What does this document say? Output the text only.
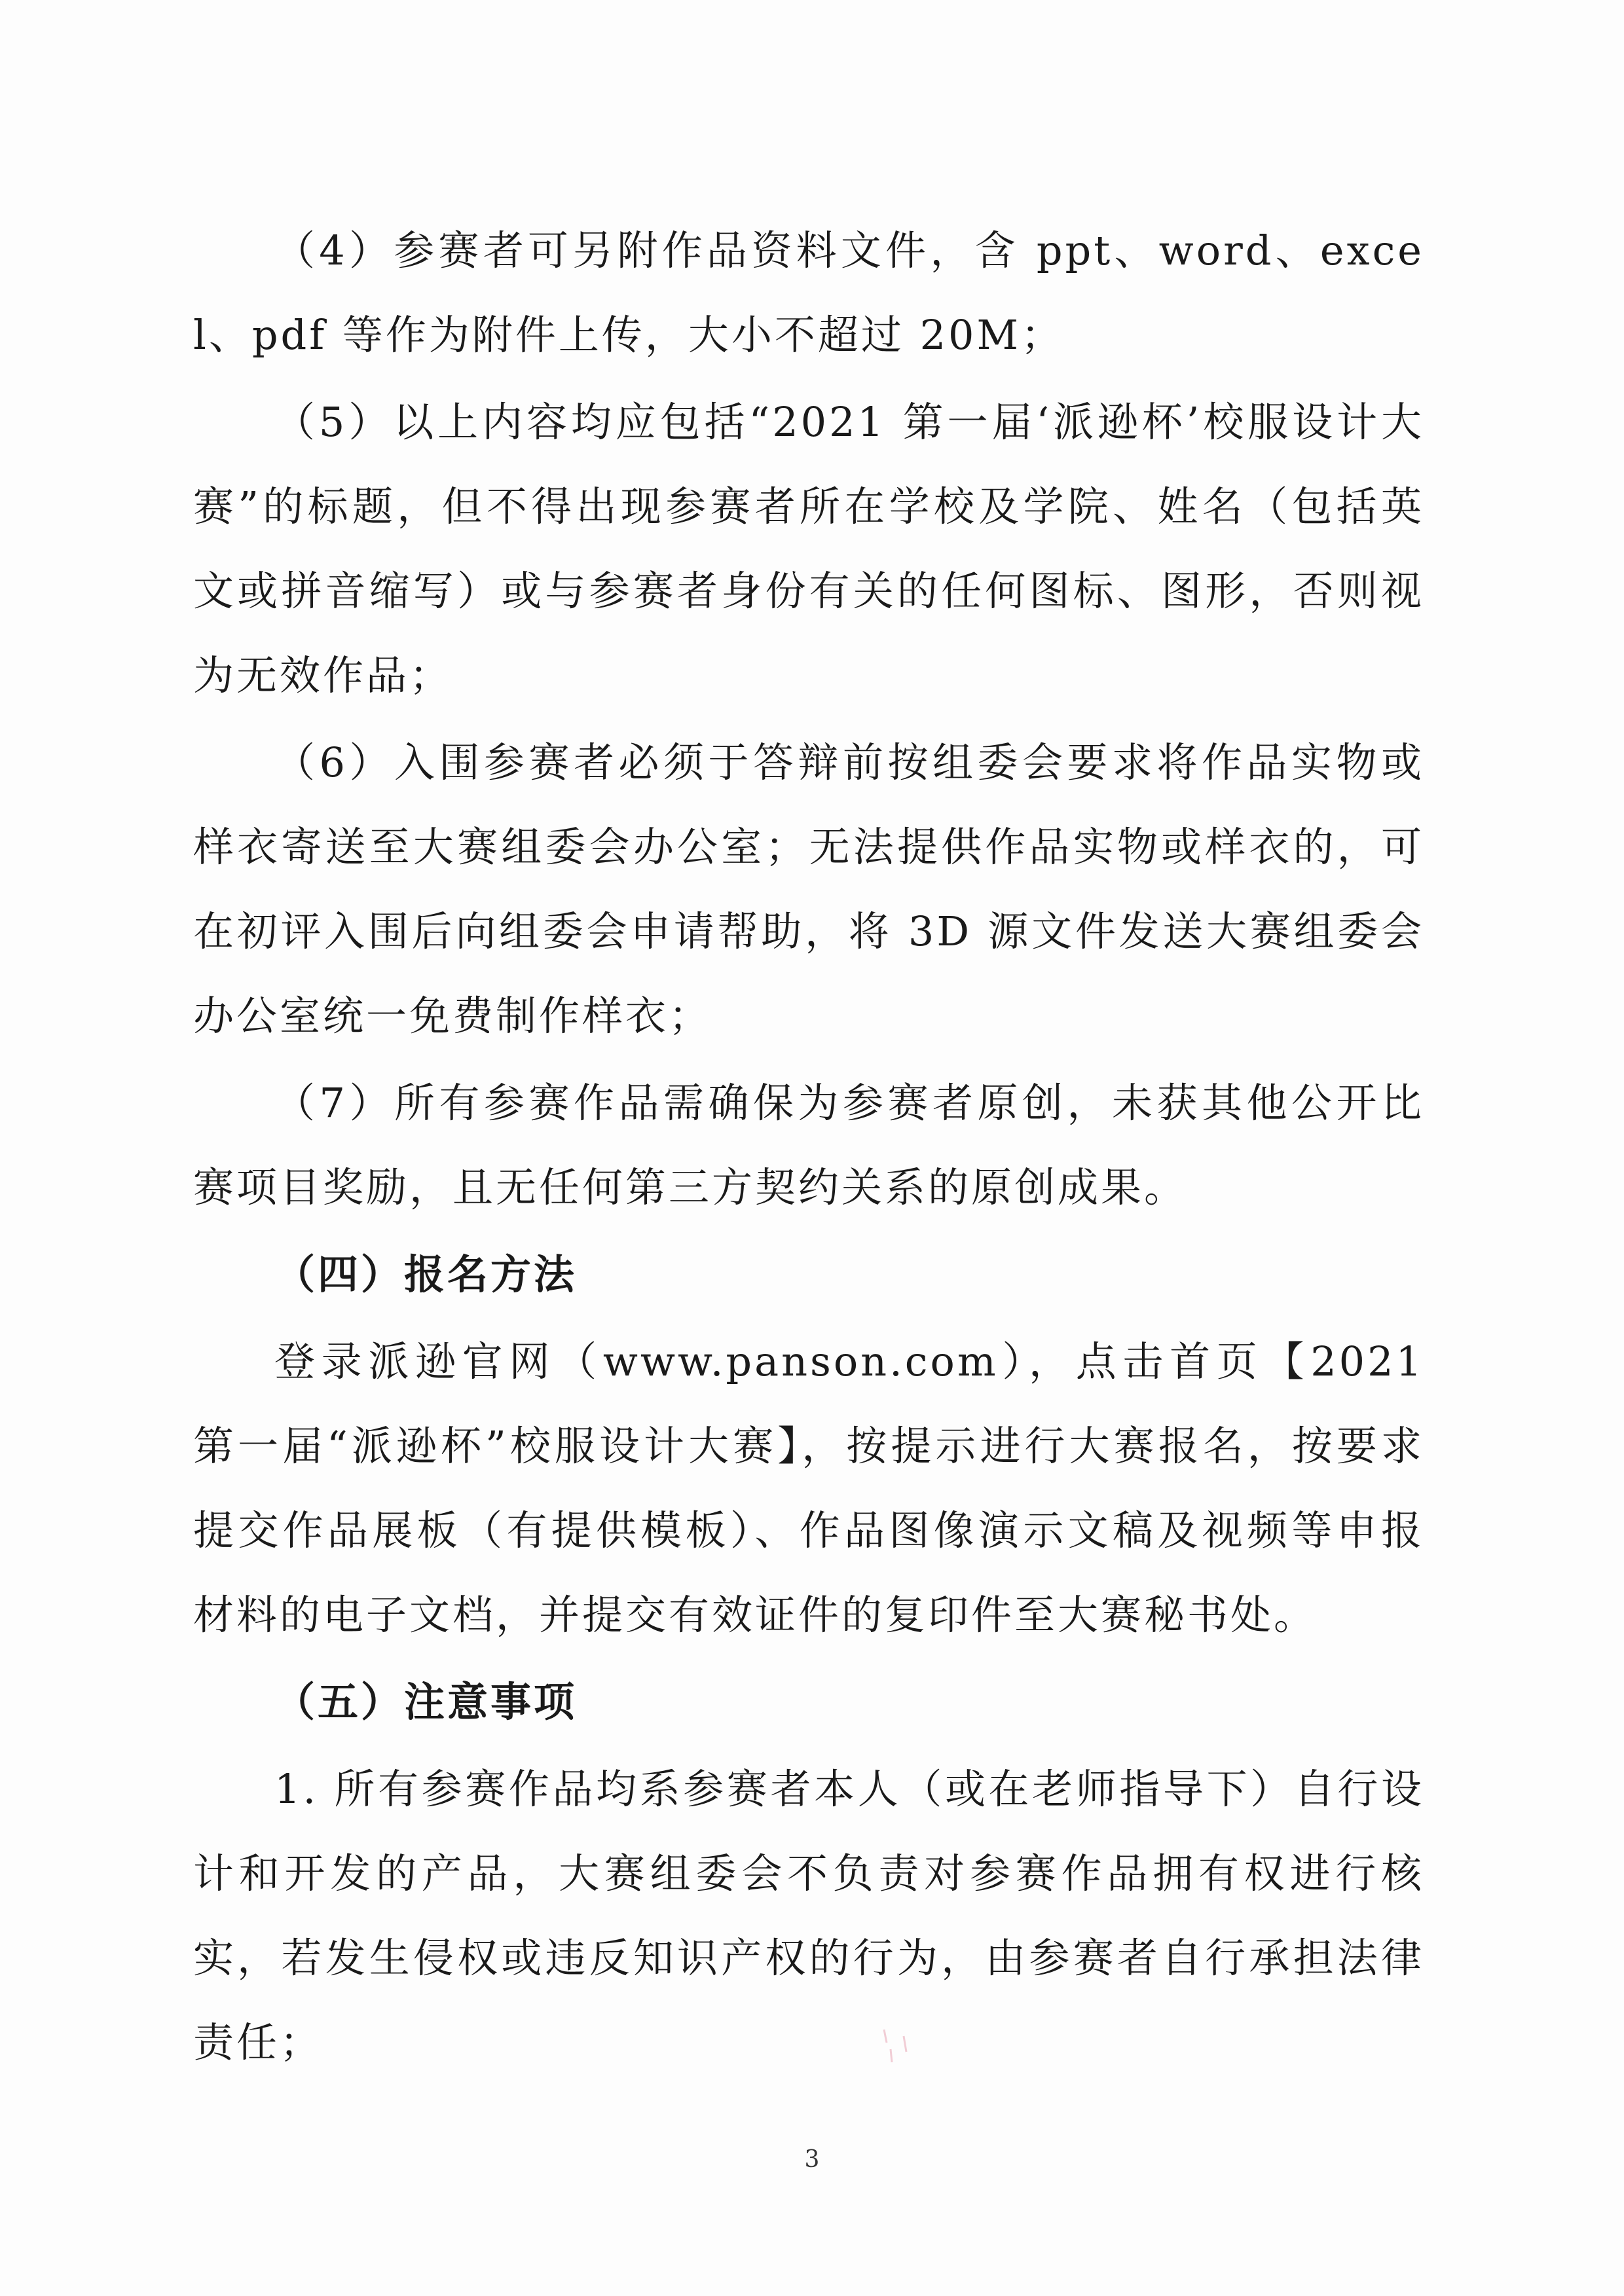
（4）参赛者可另附作品资料文件，含 ppt、word、excel、pdf 等作为附件上传，大小不超过 20M；

（5）以上内容均应包括“2021 第一届‘派逊杯’校服设计大赛”的标题，但不得出现参赛者所在学校及学院、姓名（包括英文或拼音缩写）或与参赛者身份有关的任何图标、图形，否则视为无效作品；

（6）入围参赛者必须于答辩前按组委会要求将作品实物或样衣寄送至大赛组委会办公室；无法提供作品实物或样衣的，可在初评入围后向组委会申请帮助，将 3D 源文件发送大赛组委会办公室统一免费制作样衣；

（7）所有参赛作品需确保为参赛者原创，未获其他公开比赛项目奖励，且无任何第三方契约关系的原创成果。

（四）报名方法

登录派逊官网（www.panson.com），点击首页【2021 第一届“派逊杯”校服设计大赛】，按提示进行大赛报名，按要求提交作品展板（有提供模板）、作品图像演示文稿及视频等申报材料的电子文档，并提交有效证件的复印件至大赛秘书处。

（五）注意事项

1. 所有参赛作品均系参赛者本人（或在老师指导下）自行设计和开发的产品，大赛组委会不负责对参赛作品拥有权进行核实，若发生侵权或违反知识产权的行为，由参赛者自行承担法律责任；

3
